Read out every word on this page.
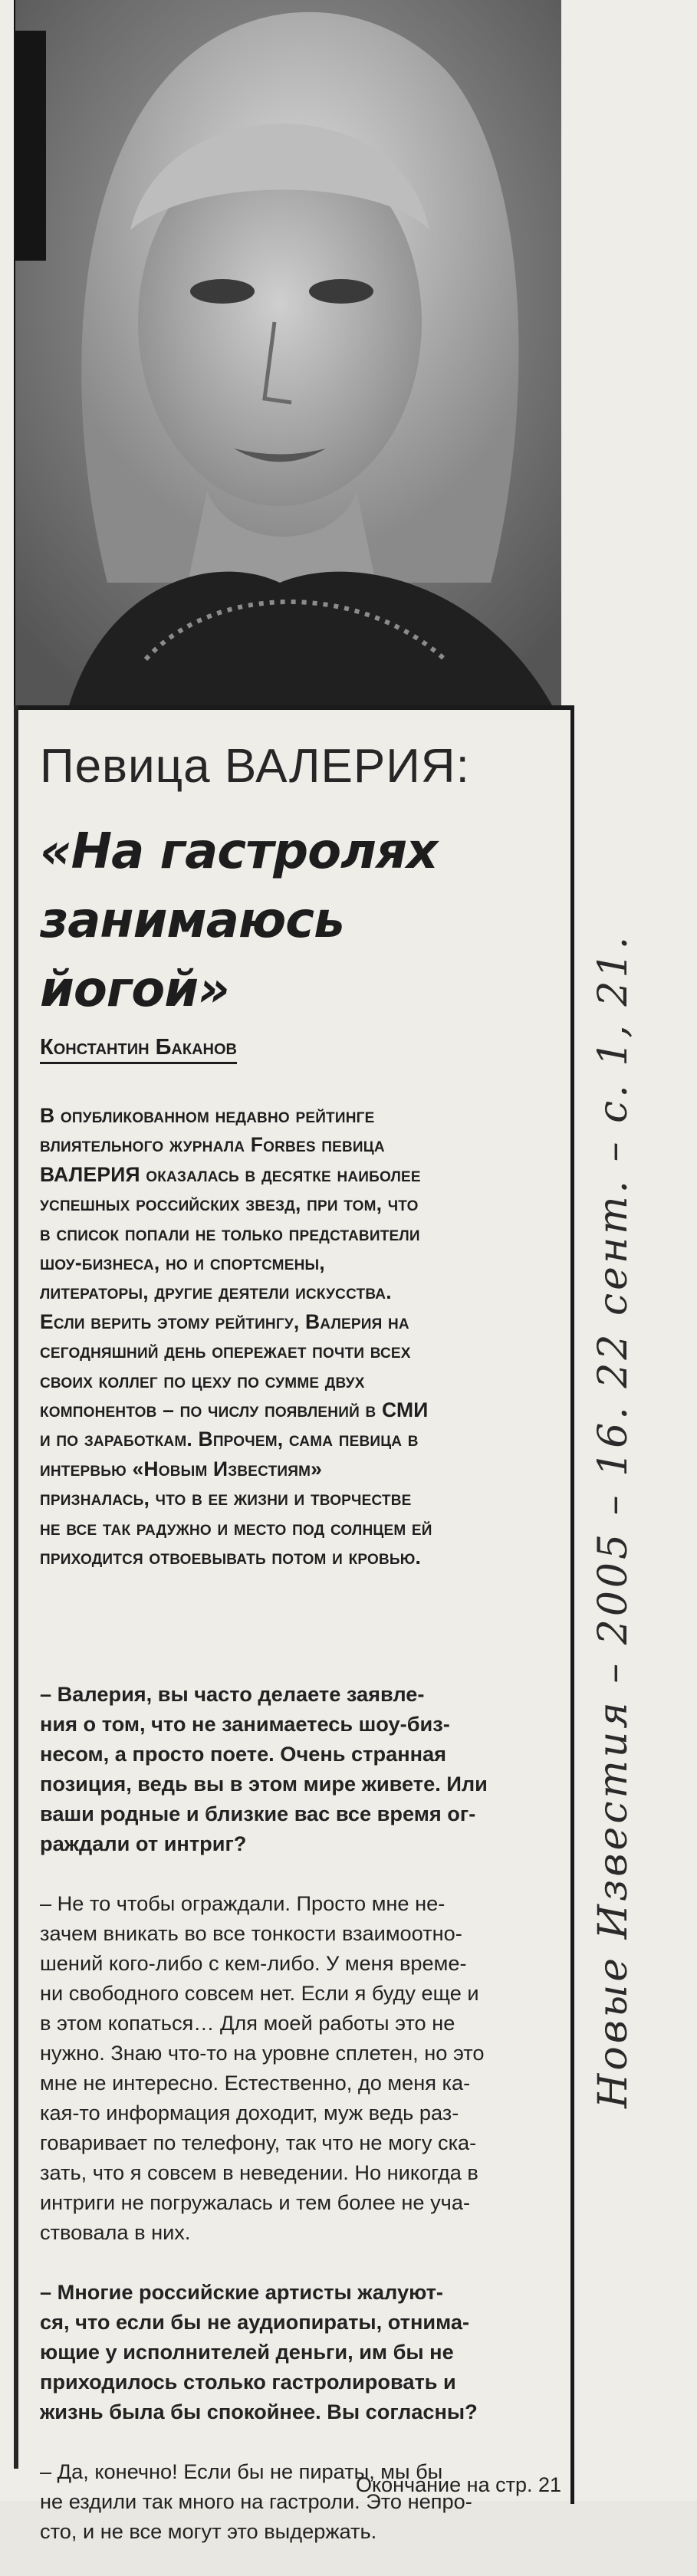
Певица ВАЛЕРИЯ:
«На гастролях
занимаюсь
йогой»
Константин Баканов
В опубликованном недавно рейтинге
влиятельного журнала Forbes певица
ВАЛЕРИЯ оказалась в десятке наиболее
успешных российских звезд, при том, что
в список попали не только представители
шоу-бизнеса, но и спортсмены,
литераторы, другие деятели искусства.
Если верить этому рейтингу, Валерия на
сегодняшний день опережает почти всех
своих коллег по цеху по сумме двух
компонентов – по числу появлений в СМИ
и по заработкам. Впрочем, сама певица в
интервью «Новым Известиям»
призналась, что в ее жизни и творчестве
не все так радужно и место под солнцем ей
приходится отвоевывать потом и кровью.

– Валерия, вы часто делаете заявле-
ния о том, что не занимаетесь шоу-биз-
несом, а просто поете. Очень странная
позиция, ведь вы в этом мире живете. Или
ваши родные и близкие вас все время ог-
раждали от интриг?

– Не то чтобы ограждали. Просто мне не-
зачем вникать во все тонкости взаимоотно-
шений кого-либо с кем-либо. У меня време-
ни свободного совсем нет. Если я буду еще и
в этом копаться… Для моей работы это не
нужно. Знаю что-то на уровне сплетен, но это
мне не интересно. Естественно, до меня ка-
кая-то информация доходит, муж ведь раз-
говаривает по телефону, так что не могу ска-
зать, что я совсем в неведении. Но никогда в
интриги не погружалась и тем более не уча-
ствовала в них.

– Многие российские артисты жалуют-
ся, что если бы не аудиопираты, отнима-
ющие у исполнителей деньги, им бы не
приходилось столько гастролировать и
жизнь была бы спокойнее. Вы согласны?

– Да, конечно! Если бы не пираты, мы бы
не ездили так много на гастроли. Это непро-
сто, и не все могут это выдержать.

Окончание на стр. 21
Новые Известия – 2005 – 16. 22 сент. – с. 1, 21.
